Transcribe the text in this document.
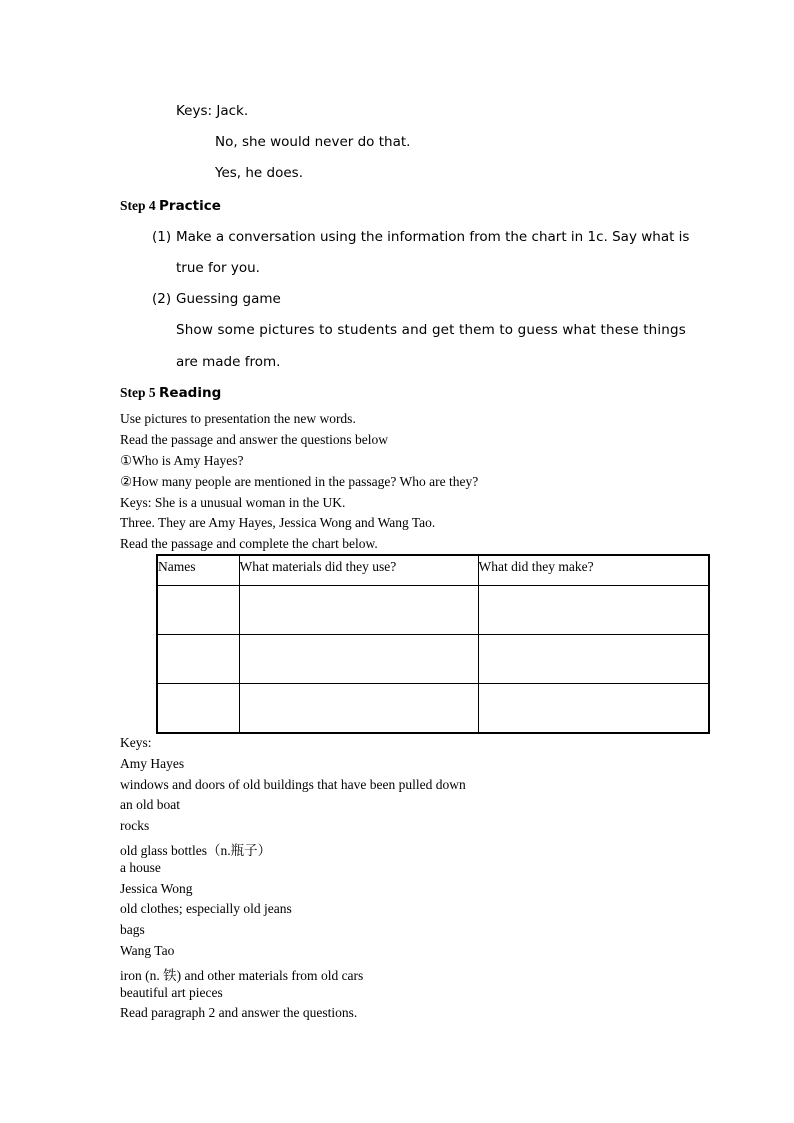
Keys: Jack.
No, she would never do that.
Yes, he does.
Step 4 Practice
(1) Make a conversation using the information from the chart in 1c. Say what is
true for you.
(2) Guessing game
Show some pictures to students and get them to guess what these things
are made from.
Step 5 Reading
Use pictures to presentation the new words.
Read the passage and answer the questions below
①Who is Amy Hayes?
②How many people are mentioned in the passage? Who are they?
Keys: She is a unusual woman in the UK.
Three. They are Amy Hayes, Jessica Wong and Wang Tao.
Read the passage and complete the chart below.
Names	What materials did they use?	What did they make?

Keys:
Amy Hayes
windows and doors of old buildings that have been pulled down
an old boat
rocks
old glass bottles（n.瓶子）
a house
Jessica Wong
old clothes; especially old jeans
bags
Wang Tao
iron (n. 铁) and other materials from old cars
beautiful art pieces
Read paragraph 2 and answer the questions.
